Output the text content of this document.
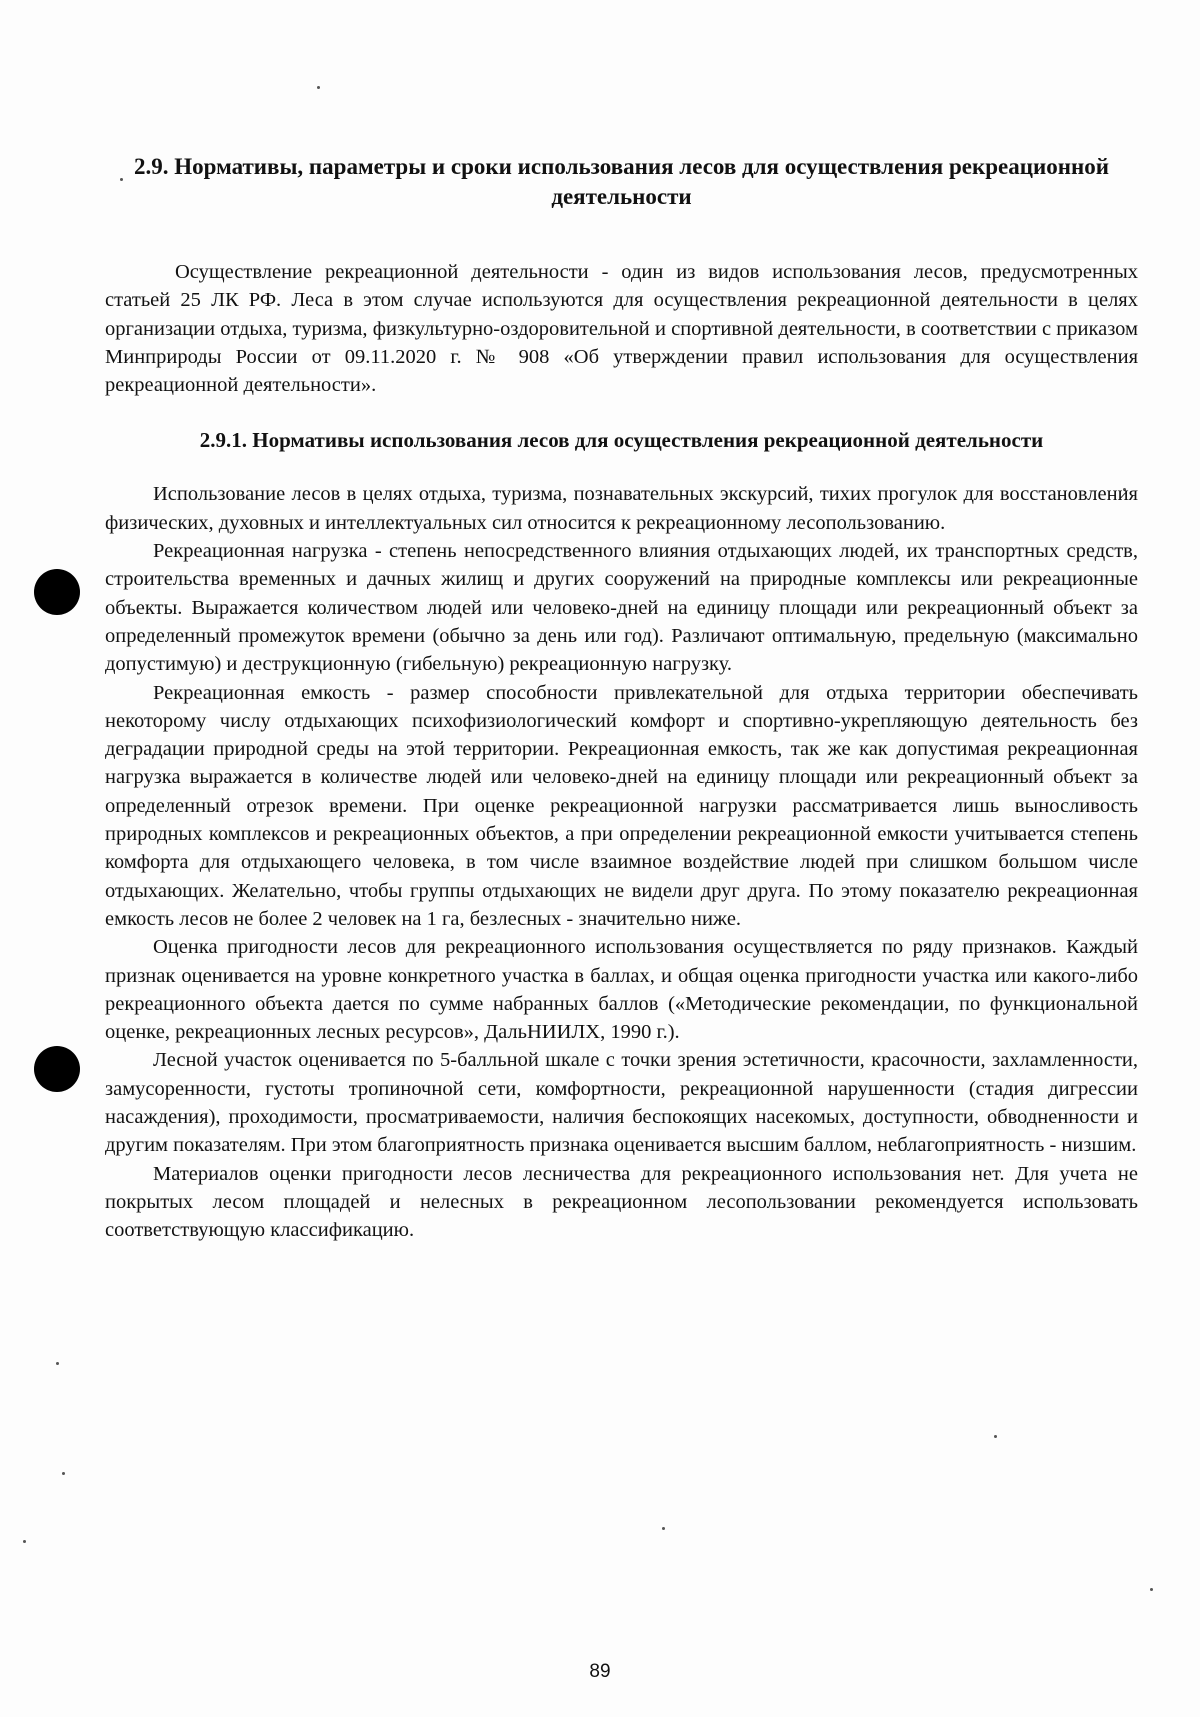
2.9. Нормативы, параметры и сроки использования лесов для осуществления рекреационной деятельности

Осуществление рекреационной деятельности - один из видов использования лесов, предусмотренных статьей 25 ЛК РФ. Леса в этом случае используются для осуществления рекреационной деятельности в целях организации отдыха, туризма, физкультурно-оздоровительной и спортивной деятельности, в соответствии с приказом Минприроды России от 09.11.2020 г. № 908 «Об утверждении правил использования для осуществления рекреационной деятельности».

2.9.1. Нормативы использования лесов для осуществления рекреационной деятельности

Использование лесов в целях отдыха, туризма, познавательных экскурсий, тихих прогулок для восстановления физических, духовных и интеллектуальных сил относится к рекреационному лесопользованию.

Рекреационная нагрузка - степень непосредственного влияния отдыхающих людей, их транспортных средств, строительства временных и дачных жилищ и других сооружений на природные комплексы или рекреационные объекты. Выражается количеством людей или человеко-дней на единицу площади или рекреационный объект за определенный промежуток времени (обычно за день или год). Различают оптимальную, предельную (максимально допустимую) и деструкционную (гибельную) рекреационную нагрузку.

Рекреационная емкость - размер способности привлекательной для отдыха территории обеспечивать некоторому числу отдыхающих психофизиологический комфорт и спортивно-укрепляющую деятельность без деградации природной среды на этой территории. Рекреационная емкость, так же как допустимая рекреационная нагрузка выражается в количестве людей или человеко-дней на единицу площади или рекреационный объект за определенный отрезок времени. При оценке рекреационной нагрузки рассматривается лишь выносливость природных комплексов и рекреационных объектов, а при определении рекреационной емкости учитывается степень комфорта для отдыхающего человека, в том числе взаимное воздействие людей при слишком большом числе отдыхающих. Желательно, чтобы группы отдыхающих не видели друг друга. По этому показателю рекреационная емкость лесов не более 2 человек на 1 га, безлесных - значительно ниже.

Оценка пригодности лесов для рекреационного использования осуществляется по ряду признаков. Каждый признак оценивается на уровне конкретного участка в баллах, и общая оценка пригодности участка или какого-либо рекреационного объекта дается по сумме набранных баллов («Методические рекомендации, по функциональной оценке, рекреационных лесных ресурсов», ДальНИИЛХ, 1990 г.).

Лесной участок оценивается по 5-балльной шкале с точки зрения эстетичности, красочности, захламленности, замусоренности, густоты тропиночной сети, комфортности, рекреационной нарушенности (стадия дигрессии насаждения), проходимости, просматриваемости, наличия беспокоящих насекомых, доступности, обводненности и другим показателям. При этом благоприятность признака оценивается высшим баллом, неблагоприятность - низшим.

Материалов оценки пригодности лесов лесничества для рекреационного использования нет. Для учета не покрытых лесом площадей и нелесных в рекреационном лесопользовании рекомендуется использовать соответствующую классификацию.

89
